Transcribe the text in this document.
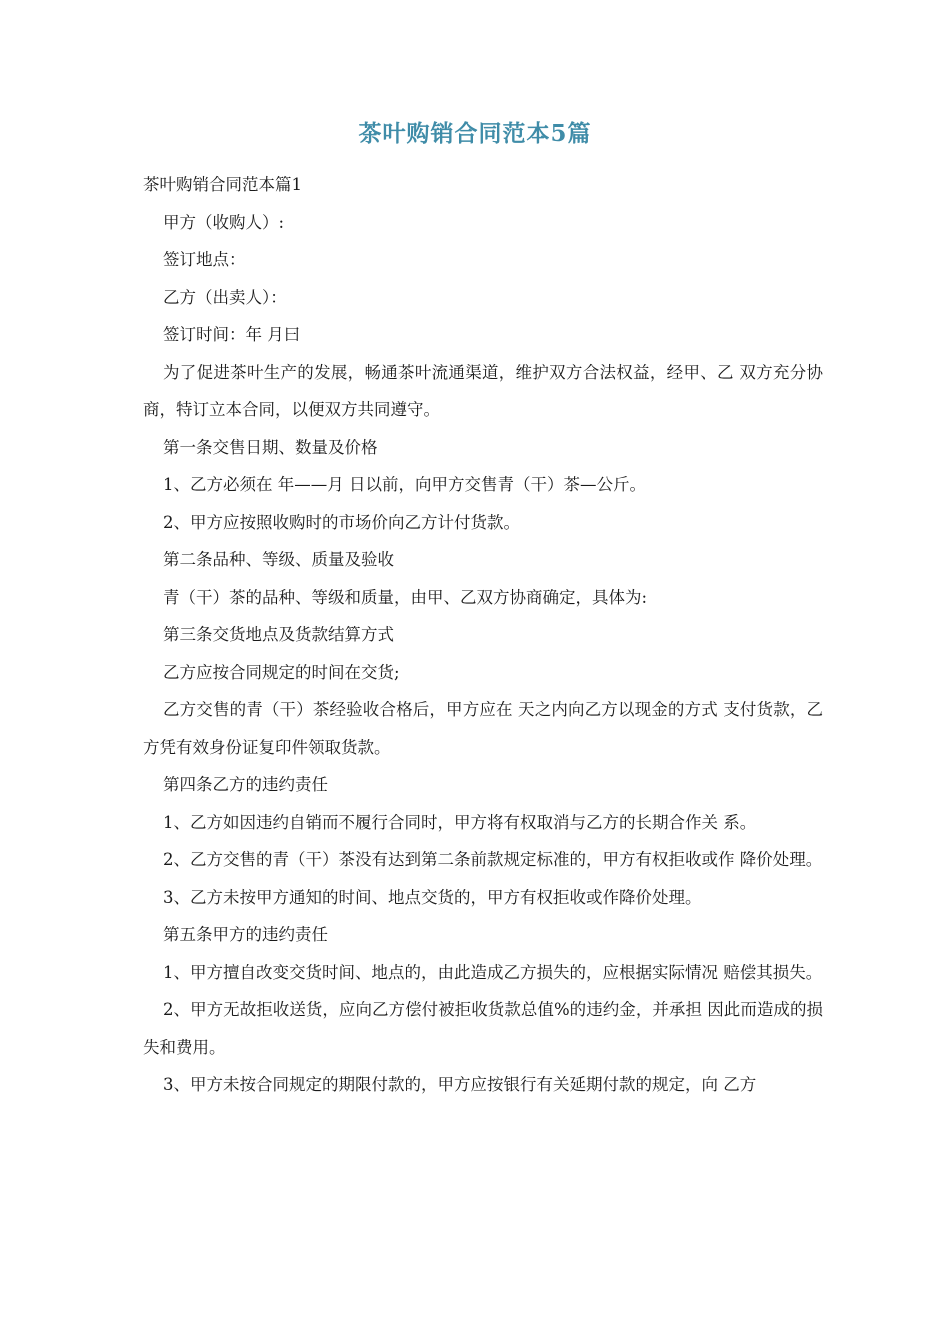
茶叶购销合同范本5篇

茶叶购销合同范本篇1

甲方（收购人）:

签订地点：

乙方（出卖人）：

签订时间：年 月曰

为了促进茶叶生产的发展，畅通茶叶流通渠道，维护双方合法权益，经甲、乙 双方充分协商，特订立本合同，以便双方共同遵守。

第一条交售日期、数量及价格

1、乙方必须在 年——月 日以前，向甲方交售青（干）茶—公斤。

2、甲方应按照收购时的市场价向乙方计付货款。

第二条品种、等级、质量及验收

青（干）茶的品种、等级和质量，由甲、乙双方协商确定，具体为:

第三条交货地点及货款结算方式

乙方应按合同规定的时间在交货;

乙方交售的青（干）茶经验收合格后，甲方应在 天之内向乙方以现金的方式 支付货款，乙方凭有效身份证复印件领取货款。

第四条乙方的违约责任

1、乙方如因违约自销而不履行合同时，甲方将有权取消与乙方的长期合作关 系。

2、乙方交售的青（干）茶没有达到第二条前款规定标准的，甲方有权拒收或作 降价处理。

3、乙方未按甲方通知的时间、地点交货的，甲方有权拒收或作降价处理。

第五条甲方的违约责任

1、甲方擅自改变交货时间、地点的，由此造成乙方损失的，应根据实际情况 赔偿其损失。

2、甲方无故拒收送货，应向乙方偿付被拒收货款总值%的违约金，并承担 因此而造成的损失和费用。

3、甲方未按合同规定的期限付款的，甲方应按银行有关延期付款的规定，向 乙方
